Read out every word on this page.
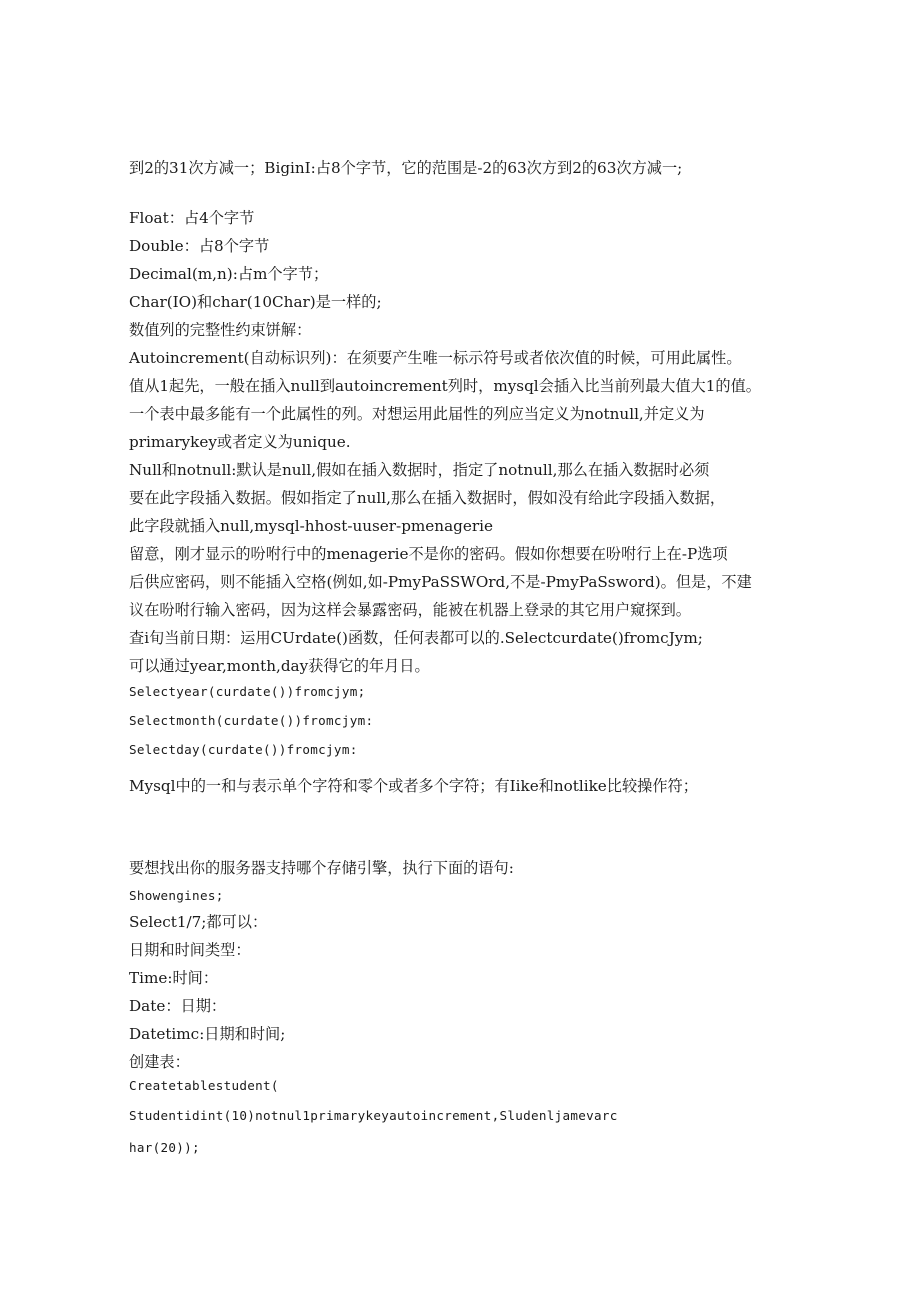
到2的31次方减一；BiginI:占8个字节，它的范围是-2的63次方到2的63次方减一;
Float：占4个字节
Double：占8个字节
Decimal(m,n):占m个字节；
Char(IO)和char(10Char)是一样的;
数值列的完整性约束饼解：
Autoincrement(自动标识列)：在须要产生唯一标示符号或者依次值的时候，可用此属性。
值从1起先，一般在插入null到autoincrement列时，mysql会插入比当前列最大值大1的值。
一个表中最多能有一个此属性的列。对想运用此届性的列应当定义为notnull,并定义为
primarykey或者定义为unique.
Null和notnull:默认是null,假如在插入数据时，指定了notnull,那么在插入数据时必须
要在此字段插入数据。假如指定了null,那么在插入数据时，假如没有给此字段插入数据，
此字段就插入null,mysql-hhost-uuser-pmenagerie
留意，刚才显示的吩咐行中的menagerie不是你的密码。假如你想要在吩咐行上在-P选项
后供应密码，则不能插入空格(例如,如-PmyPaSSWOrd,不是-PmyPaSsword)。但是，不建
议在吩咐行输入密码，因为这样会暴露密码，能被在机器上登录的其它用户窥探到。
查i旬当前日期：运用CUrdate()函数，任何表都可以的.Selectcurdate()fromcJym;
可以通过year,month,day获得它的年月日。
Selectyear(curdate())fromcjym;
Selectmonth(curdate())fromcjym:
Selectday(curdate())fromcjym:
Mysql中的一和与表示单个字符和零个或者多个字符；有Iike和notlike比较操作符；
要想找出你的服务器支持哪个存储引擎，执行下面的语句:
Showengines;
Select1/7;都可以：
日期和时间类型：
Time:时间：
Date：日期：
Datetimc:日期和时间;
创建表：
Createtablestudent(
Studentidint(10)notnul1primarykeyautoincrement,Sludenljamevarc
har(20));
